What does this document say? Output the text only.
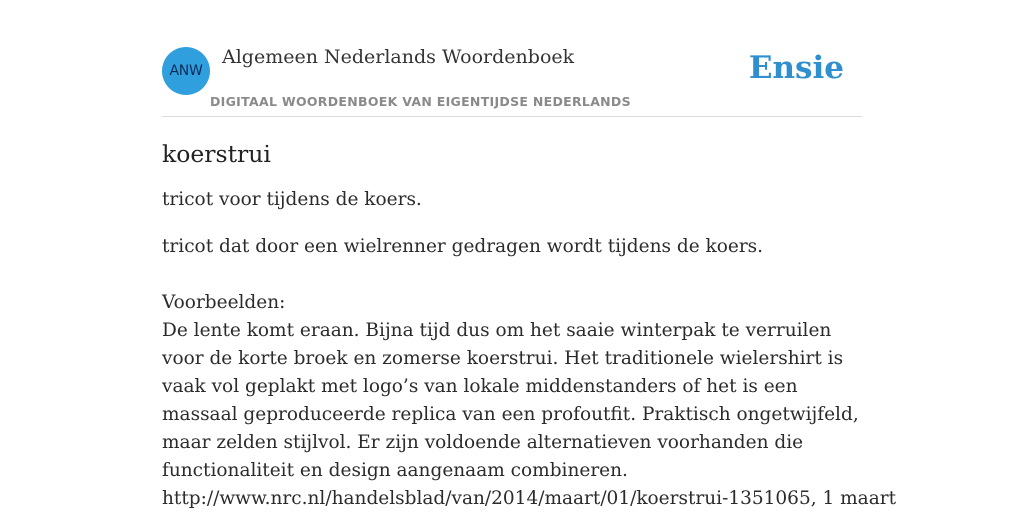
ANW
Algemeen Nederlands Woordenboek
DIGITAAL WOORDENBOEK VAN EIGENTIJDSE NEDERLANDS
Ensie
koerstrui

tricot voor tijdens de koers.

tricot dat door een wielrenner gedragen wordt tijdens de koers.

Voorbeelden:
De lente komt eraan. Bijna tijd dus om het saaie winterpak te verruilen voor de korte broek en zomerse koerstrui. Het traditionele wielershirt is vaak vol geplakt met logo’s van lokale middenstanders of het is een massaal geproduceerde replica van een profoutfit. Praktisch ongetwijfeld, maar zelden stijlvol. Er zijn voldoende alternatieven voorhanden die functionaliteit en design aangenaam combineren.
http://www.nrc.nl/handelsblad/van/2014/maart/01/koerstrui-1351065, 1 maart
